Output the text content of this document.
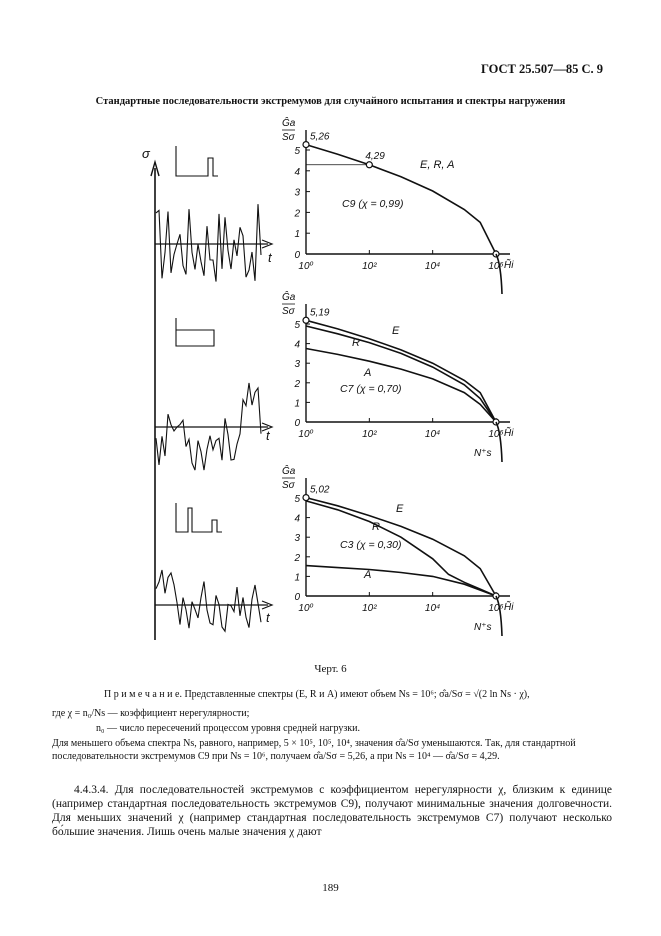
ГОСТ 25.507—85 С. 9
Стандартные последовательности экстремумов для случайного испытания и спектры нагружения
σ
t
t
t
Ĝa
Sσ
0
1
2
3
4
5
10⁰	10²	10⁴	10⁶ H̃i
5,26
4,29
E, R, A
C9 (χ = 0,99)
Ĝa
Sσ
0
1
2
3
4
5
10⁰	10²	10⁴	10⁶ H̃i
5,19
N⁺s
E
R
A
C7 (χ = 0,70)
Ĝa
Sσ
0
1
2
3
4
5
10⁰	10²	10⁴	10⁶ H̃i
5,02
N⁺s
E
R
A
C3 (χ = 0,30)
Черт. 6
П р и м е ч а н и е. Представленные спектры (E, R и A) имеют объем Ns = 10⁶; σ̂a/Sσ = √(2 ln Ns · χ),
где χ = n₀/Ns — коэффициент нерегулярности;
n₀ — число пересечений процессом уровня средней нагрузки.
Для меньшего объема спектра Ns, равного, например, 5 × 10⁵, 10⁵, 10⁴, значения σ̂a/Sσ уменьшаются. Так, для стандартной последовательности экстремумов C9 при Ns = 10⁶, получаем σ̂a/Sσ = 5,26, а при Ns = 10⁴ — σ̂a/Sσ = 4,29.

4.4.3.4. Для последовательностей экстремумов с коэффициентом нерегулярности χ, близким к единице (например стандартная последовательность экстремумов C9), получают минимальные значения долговечности. Для меньших значений χ (например стандартная последовательность экстремумов C7) получают несколько бо́льшие значения. Лишь очень малые значения χ дают

189
